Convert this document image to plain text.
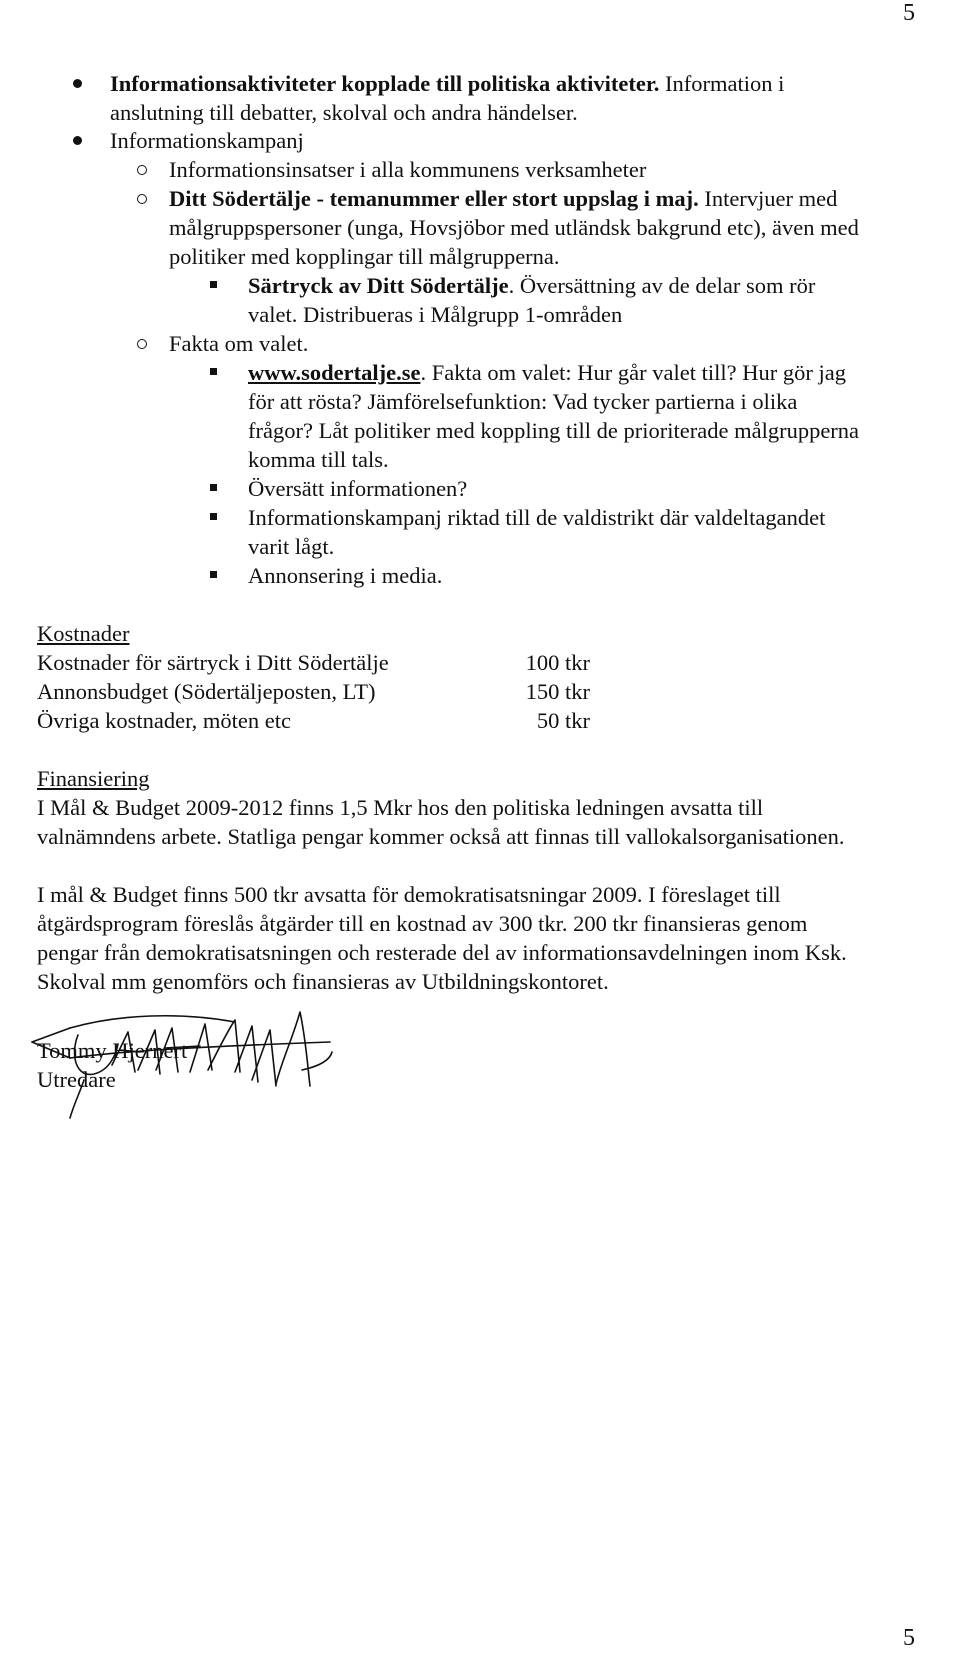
5
5
Informationsaktiviteter kopplade till politiska aktiviteter. Information i
anslutning till debatter, skolval och andra händelser.
Informationskampanj
Informationsinsatser i alla kommunens verksamheter
Ditt Södertälje - temanummer eller stort uppslag i maj. Intervjuer med
målgruppspersoner (unga, Hovsjöbor med utländsk bakgrund etc), även med
politiker med kopplingar till målgrupperna.
Särtryck av Ditt Södertälje. Översättning av de delar som rör
valet. Distribueras i Målgrupp 1-områden
Fakta om valet.
www.sodertalje.se. Fakta om valet: Hur går valet till? Hur gör jag
för att rösta? Jämförelsefunktion: Vad tycker partierna i olika
frågor? Låt politiker med koppling till de prioriterade målgrupperna
komma till tals.
Översätt informationen?
Informationskampanj riktad till de valdistrikt där valdeltagandet
varit lågt.
Annonsering i media.
Kostnader
Kostnader för särtryck i Ditt Södertälje	100 tkr
Annonsbudget (Södertäljeposten, LT)	150 tkr
Övriga kostnader, möten etc	50 tkr
Finansiering
I Mål & Budget 2009-2012 finns 1,5 Mkr hos den politiska ledningen avsatta till
valnämndens arbete. Statliga pengar kommer också att finnas till vallokalsorganisationen.
I mål & Budget finns 500 tkr avsatta för demokratisatsningar 2009. I föreslaget till
åtgärdsprogram föreslås åtgärder till en kostnad av 300 tkr. 200 tkr finansieras genom
pengar från demokratisatsningen och resterade del av informationsavdelningen inom Ksk.
Skolval mm genomförs och finansieras av Utbildningskontoret.
Tommy Hjernert
Utredare
